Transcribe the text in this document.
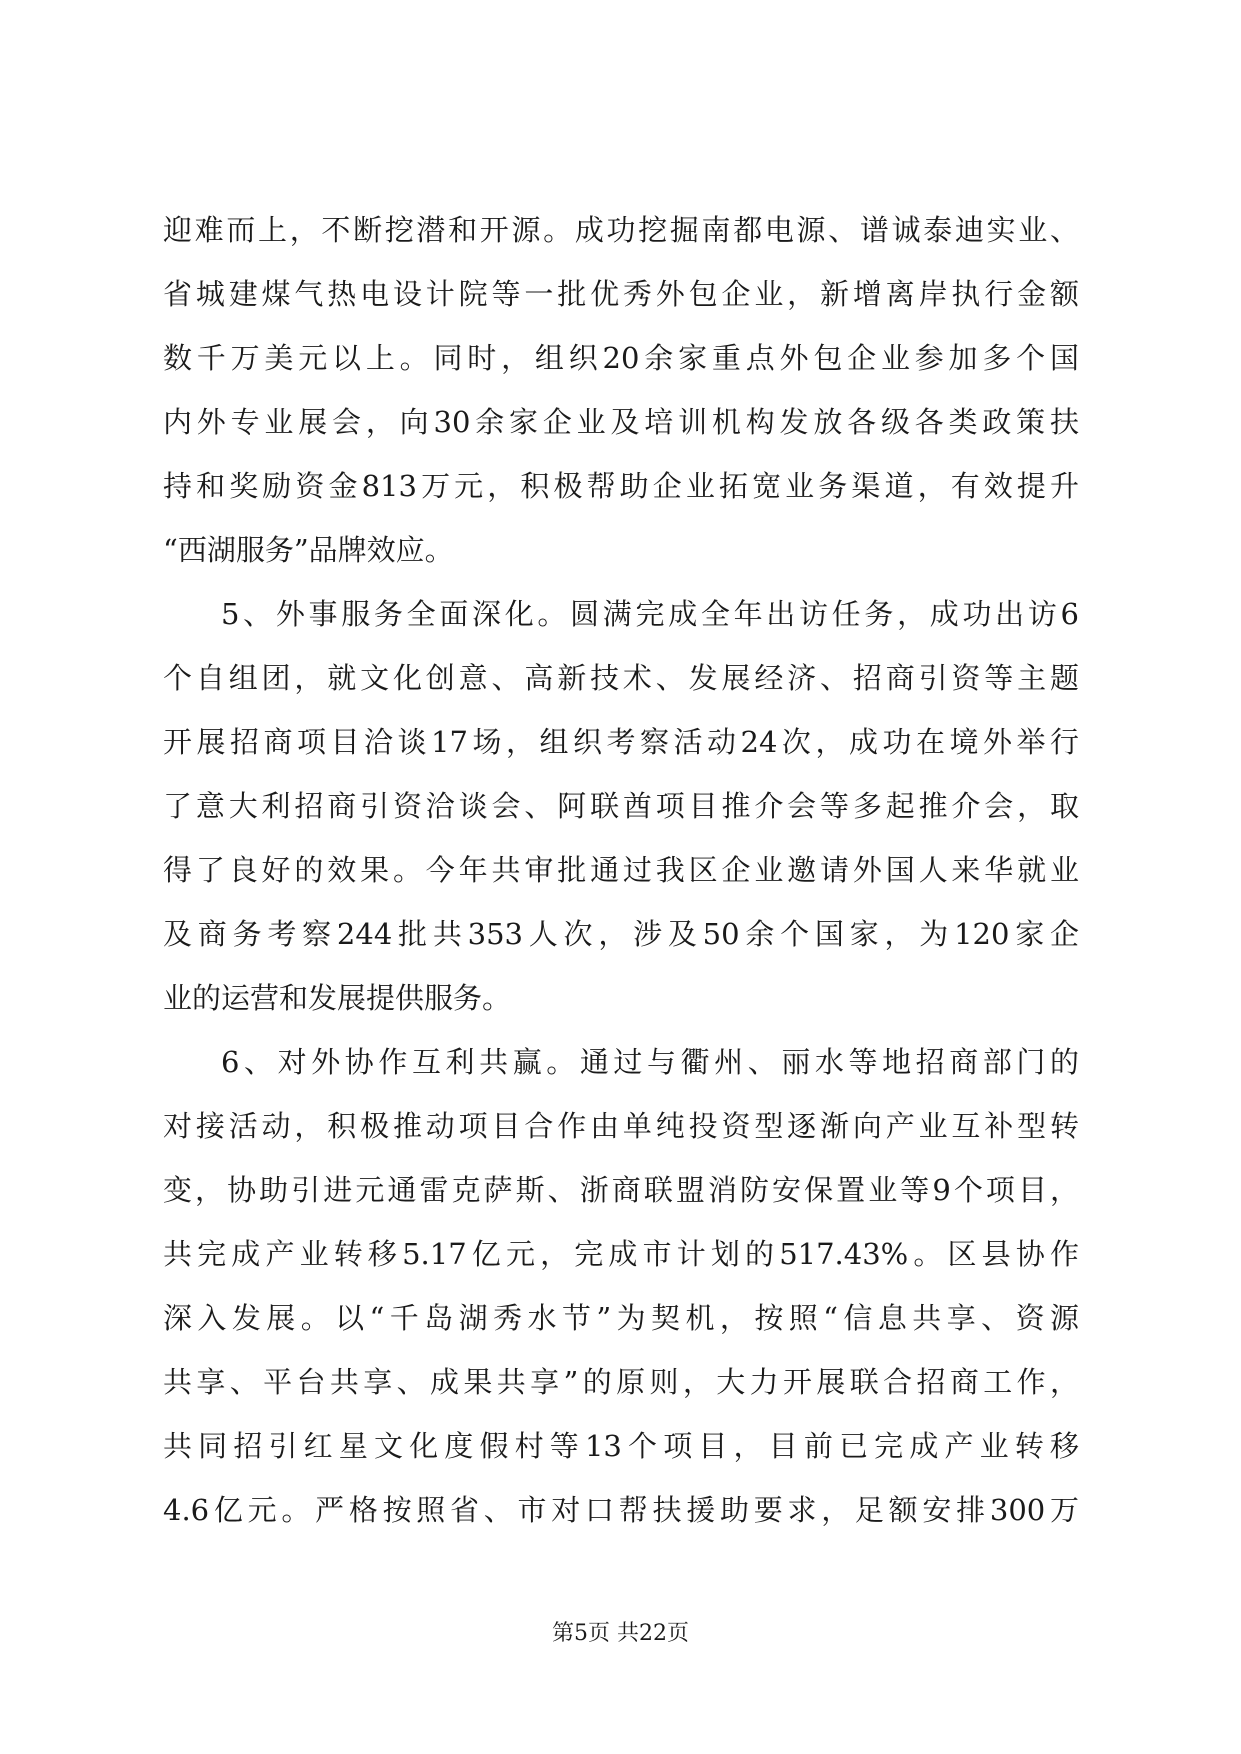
迎难而上，不断挖潜和开源。成功挖掘南都电源、谱诚泰迪实业、
省城建煤气热电设计院等一批优秀外包企业，新增离岸执行金额
数千万美元以上。同时，组织20余家重点外包企业参加多个国
内外专业展会，向30余家企业及培训机构发放各级各类政策扶
持和奖励资金813万元，积极帮助企业拓宽业务渠道，有效提升
“西湖服务”品牌效应。
5、外事服务全面深化。圆满完成全年出访任务，成功出访6
个自组团，就文化创意、高新技术、发展经济、招商引资等主题
开展招商项目洽谈17场，组织考察活动24次，成功在境外举行
了意大利招商引资洽谈会、阿联酋项目推介会等多起推介会，取
得了良好的效果。今年共审批通过我区企业邀请外国人来华就业
及商务考察244批共353人次，涉及50余个国家，为120家企
业的运营和发展提供服务。
6、对外协作互利共赢。通过与衢州、丽水等地招商部门的
对接活动，积极推动项目合作由单纯投资型逐渐向产业互补型转
变，协助引进元通雷克萨斯、浙商联盟消防安保置业等9个项目，
共完成产业转移5.17亿元，完成市计划的517.43%。区县协作
深入发展。以“千岛湖秀水节”为契机，按照“信息共享、资源
共享、平台共享、成果共享”的原则，大力开展联合招商工作，
共同招引红星文化度假村等13个项目，目前已完成产业转移
4.6亿元。严格按照省、市对口帮扶援助要求，足额安排300万
第5页 共22页
